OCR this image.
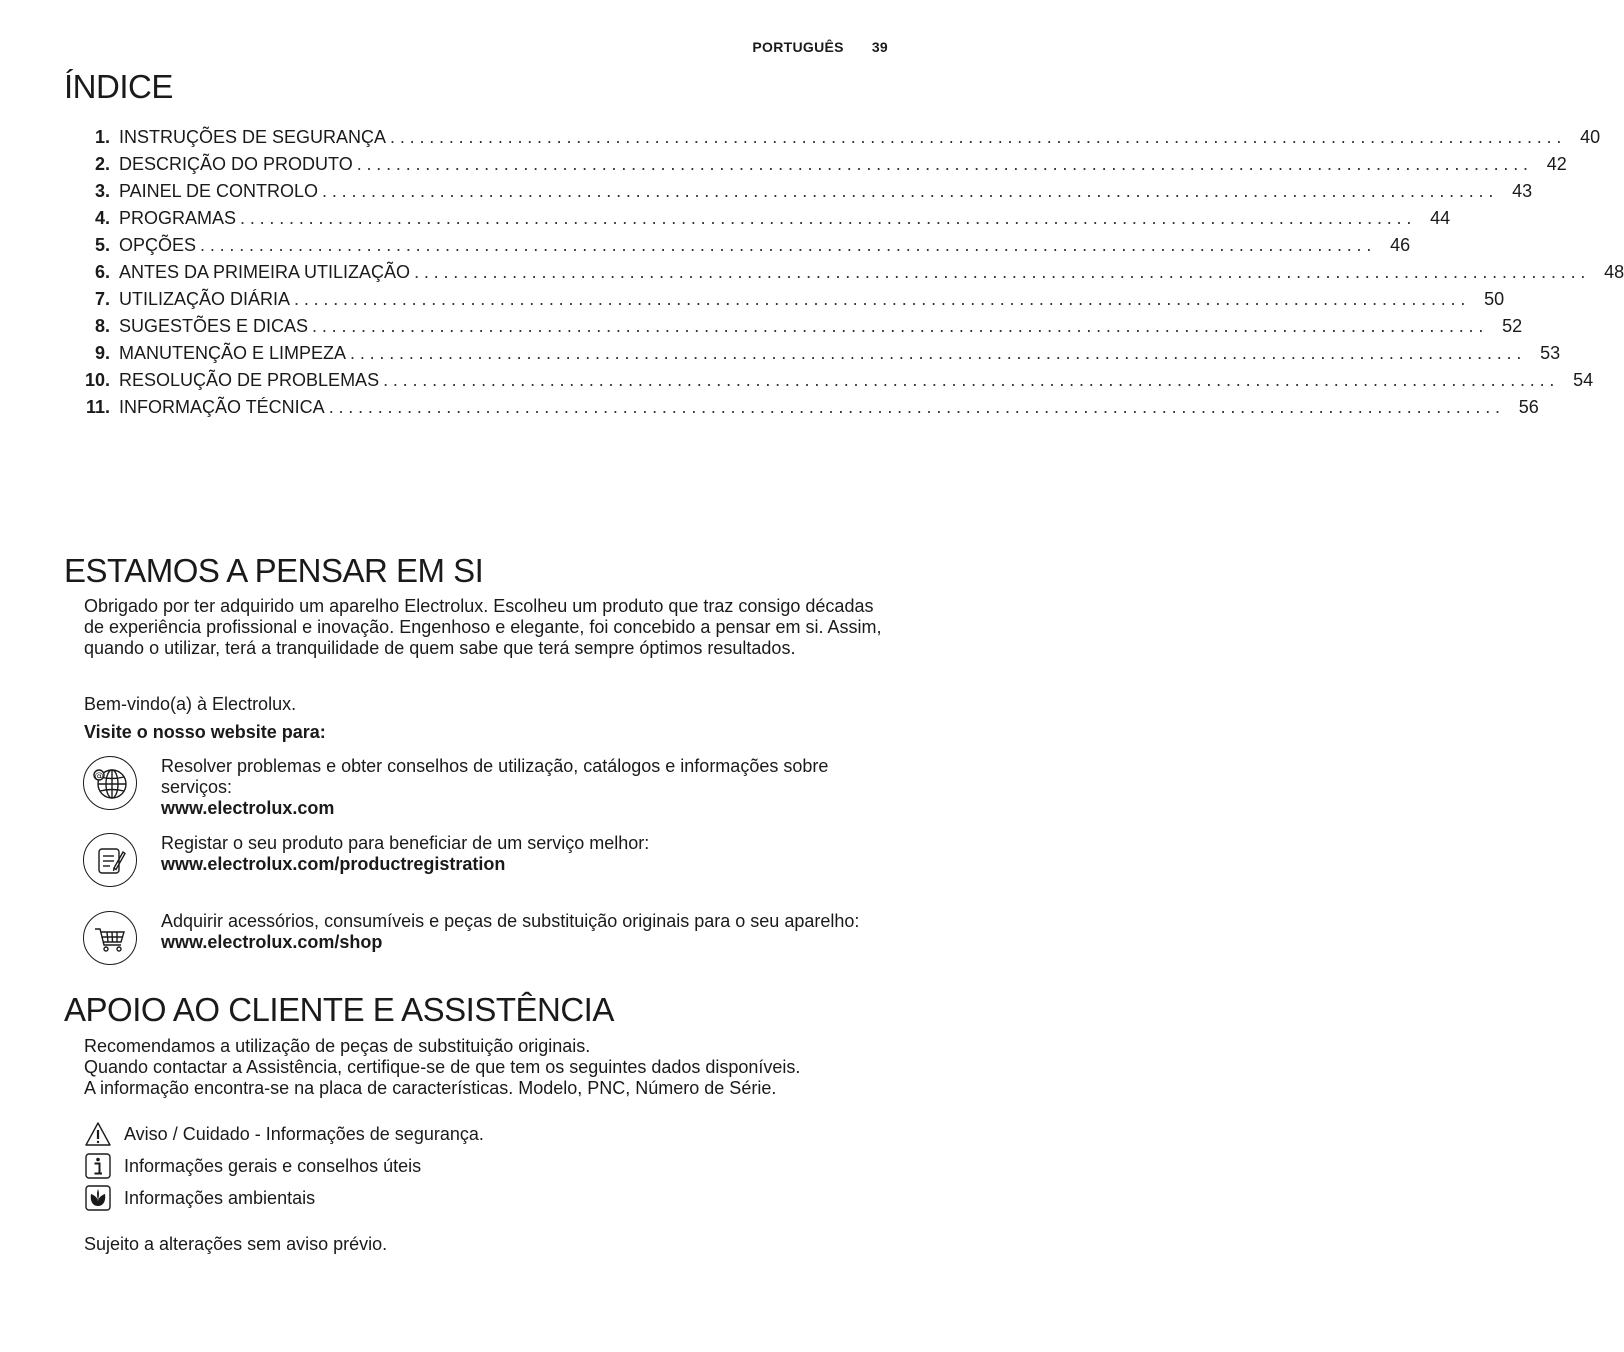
PORTUGUÊS 39
ÍNDICE
1. INSTRUÇÕES DE SEGURANÇA ........................................................................................................................ 40
2. DESCRIÇÃO DO PRODUTO ........................................................................................................................ 42
3. PAINEL DE CONTROLO ........................................................................................................................ 43
4. PROGRAMAS ........................................................................................................................ 44
5. OPÇÕES ........................................................................................................................ 46
6. ANTES DA PRIMEIRA UTILIZAÇÃO ........................................................................................................................ 48
7. UTILIZAÇÃO DIÁRIA ........................................................................................................................ 50
8. SUGESTÕES E DICAS ........................................................................................................................ 52
9. MANUTENÇÃO E LIMPEZA ........................................................................................................................ 53
10. RESOLUÇÃO DE PROBLEMAS ........................................................................................................................ 54
11. INFORMAÇÃO TÉCNICA ........................................................................................................................ 56
ESTAMOS A PENSAR EM SI
Obrigado por ter adquirido um aparelho Electrolux. Escolheu um produto que traz consigo décadas de experiência profissional e inovação. Engenhoso e elegante, foi concebido a pensar em si. Assim, quando o utilizar, terá a tranquilidade de quem sabe que terá sempre óptimos resultados.
Bem-vindo(a) à Electrolux.
Visite o nosso website para:
@
Resolver problemas e obter conselhos de utilização, catálogos e informações sobre serviços:
www.electrolux.com
Registar o seu produto para beneficiar de um serviço melhor:
www.electrolux.com/productregistration
Adquirir acessórios, consumíveis e peças de substituição originais para o seu aparelho:
www.electrolux.com/shop
APOIO AO CLIENTE E ASSISTÊNCIA
Recomendamos a utilização de peças de substituição originais.
Quando contactar a Assistência, certifique-se de que tem os seguintes dados disponíveis.
A informação encontra-se na placa de características. Modelo, PNC, Número de Série.
Aviso / Cuidado - Informações de segurança.
Informações gerais e conselhos úteis
Informações ambientais
Sujeito a alterações sem aviso prévio.
